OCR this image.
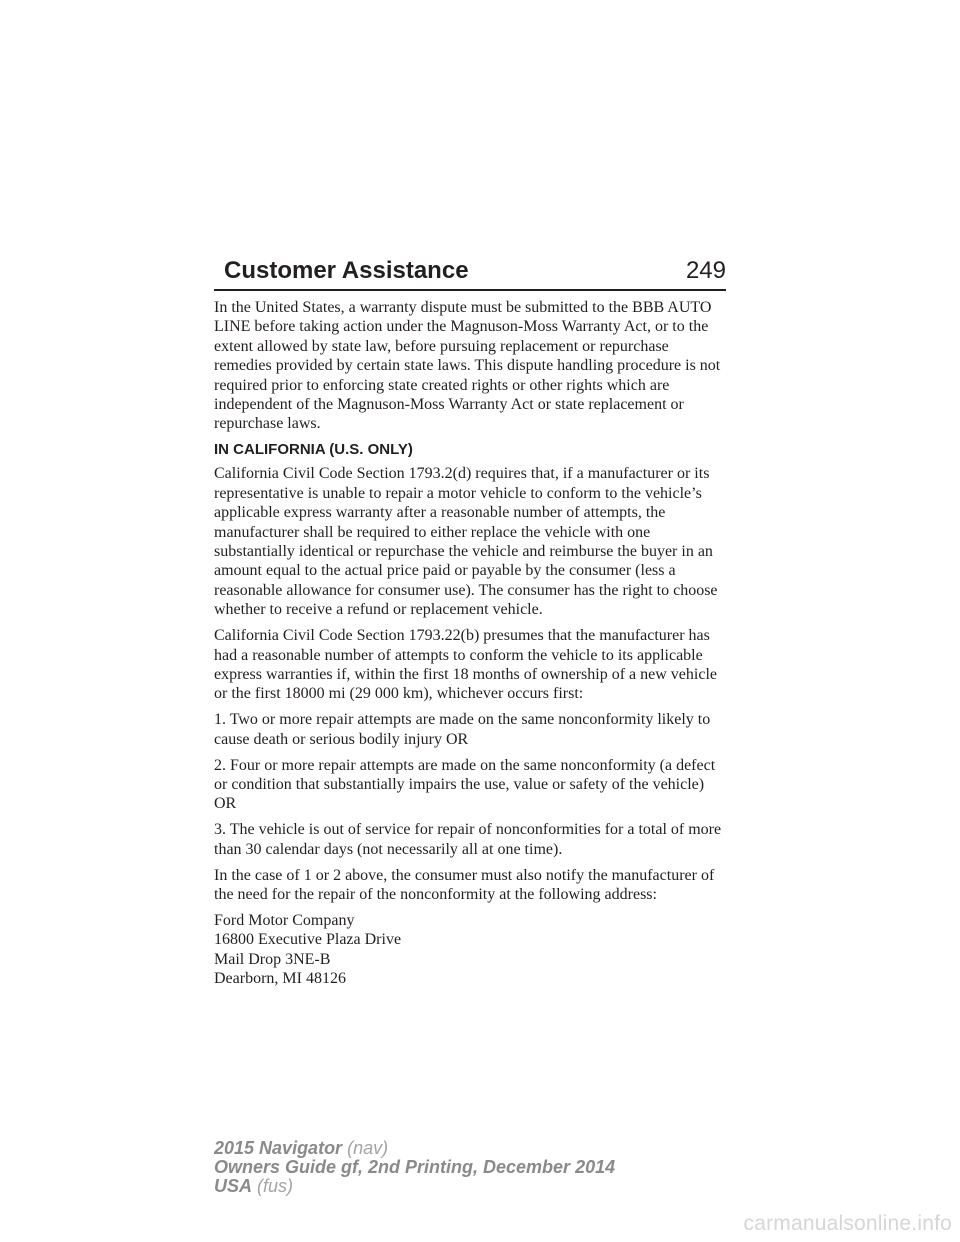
Customer Assistance	249

In the United States, a warranty dispute must be submitted to the BBB AUTO LINE before taking action under the Magnuson-Moss Warranty Act, or to the extent allowed by state law, before pursuing replacement or repurchase remedies provided by certain state laws. This dispute handling procedure is not required prior to enforcing state created rights or other rights which are independent of the Magnuson-Moss Warranty Act or state replacement or repurchase laws.

IN CALIFORNIA (U.S. ONLY)

California Civil Code Section 1793.2(d) requires that, if a manufacturer or its representative is unable to repair a motor vehicle to conform to the vehicle’s applicable express warranty after a reasonable number of attempts, the manufacturer shall be required to either replace the vehicle with one substantially identical or repurchase the vehicle and reimburse the buyer in an amount equal to the actual price paid or payable by the consumer (less a reasonable allowance for consumer use). The consumer has the right to choose whether to receive a refund or replacement vehicle.

California Civil Code Section 1793.22(b) presumes that the manufacturer has had a reasonable number of attempts to conform the vehicle to its applicable express warranties if, within the first 18 months of ownership of a new vehicle or the first 18000 mi (29 000 km), whichever occurs first:

1. Two or more repair attempts are made on the same nonconformity likely to cause death or serious bodily injury OR

2. Four or more repair attempts are made on the same nonconformity (a defect or condition that substantially impairs the use, value or safety of the vehicle) OR

3. The vehicle is out of service for repair of nonconformities for a total of more than 30 calendar days (not necessarily all at one time).

In the case of 1 or 2 above, the consumer must also notify the manufacturer of the need for the repair of the nonconformity at the following address:

Ford Motor Company
16800 Executive Plaza Drive
Mail Drop 3NE-B
Dearborn, MI 48126
2015 Navigator (nav)
Owners Guide gf, 2nd Printing, December 2014
USA (fus)
carmanualsonline.info
